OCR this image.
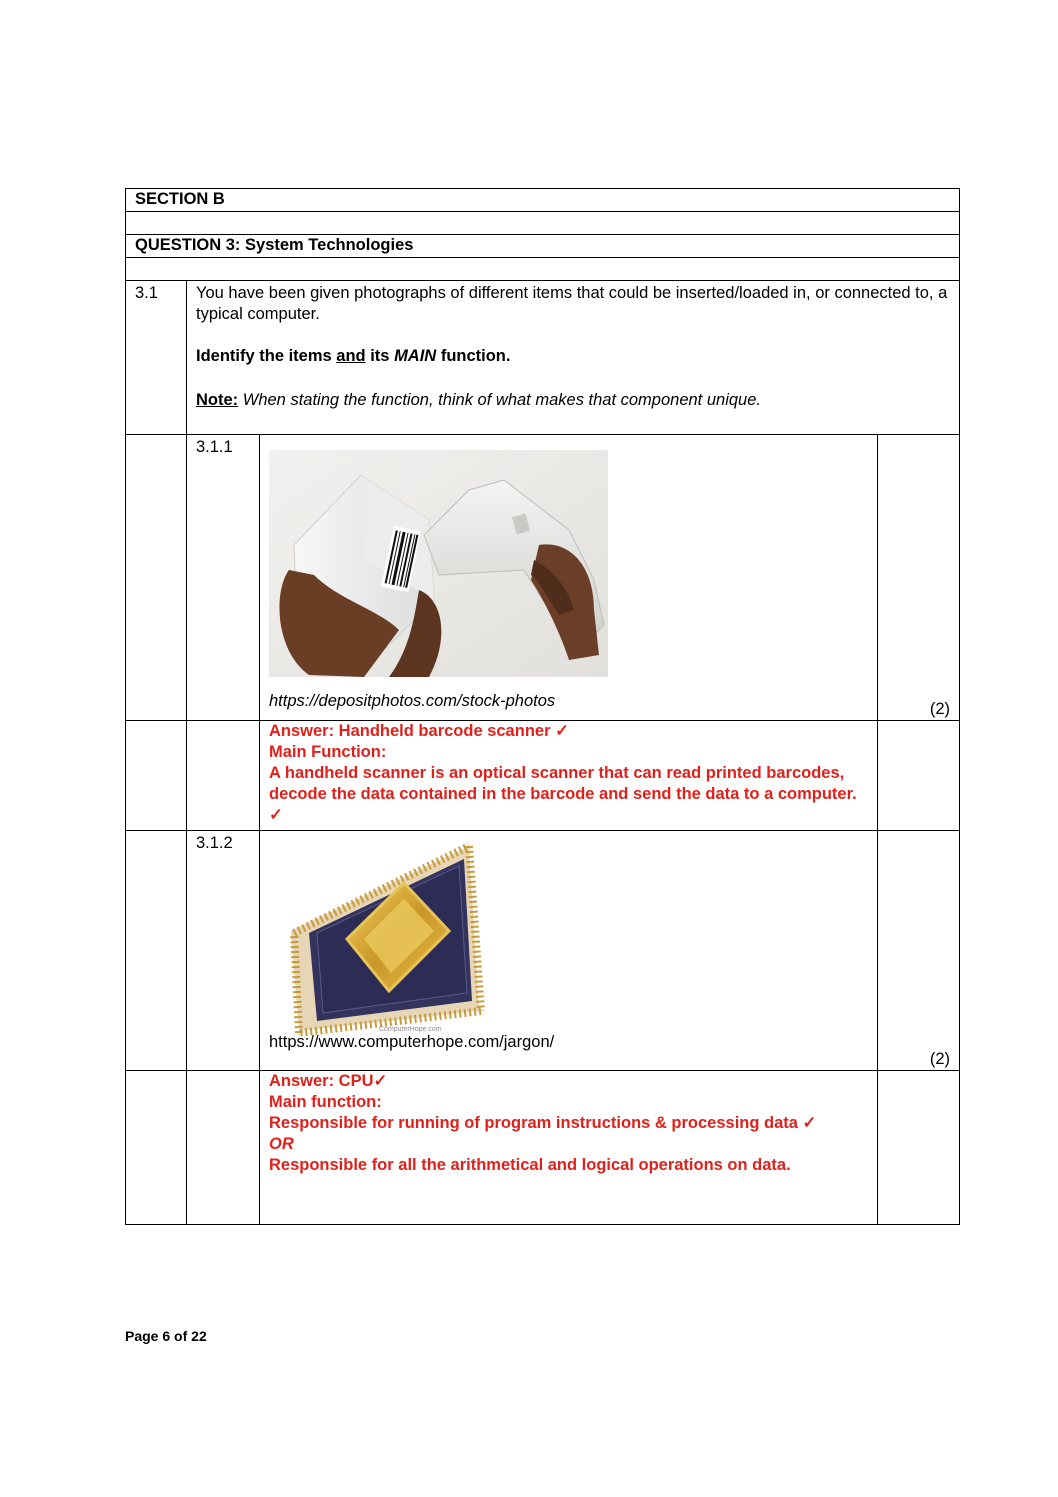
SECTION B			

QUESTION 3: System Technologies			

3.1	You have been given photographs of different items that could be inserted/loaded in, or connected to, a typical computer.
Identify the items and its MAIN function.
Note: When stating the function, think of what makes that component unique.		

	3.1.1	https://depositphotos.com/stock-photos	(2)

		Answer: Handheld barcode scanner ✓
Main Function:
A handheld scanner is an optical scanner that can read printed barcodes, decode the data contained in the barcode and send the data to a computer. ✓	

	3.1.2	ComputerHope.com
https://www.computerhope.com/jargon/	(2)

		Answer: CPU✓
Main function:
Responsible for running of program instructions & processing data ✓
OR
Responsible for all the arithmetical and logical operations on data.	

Page 6 of 22
